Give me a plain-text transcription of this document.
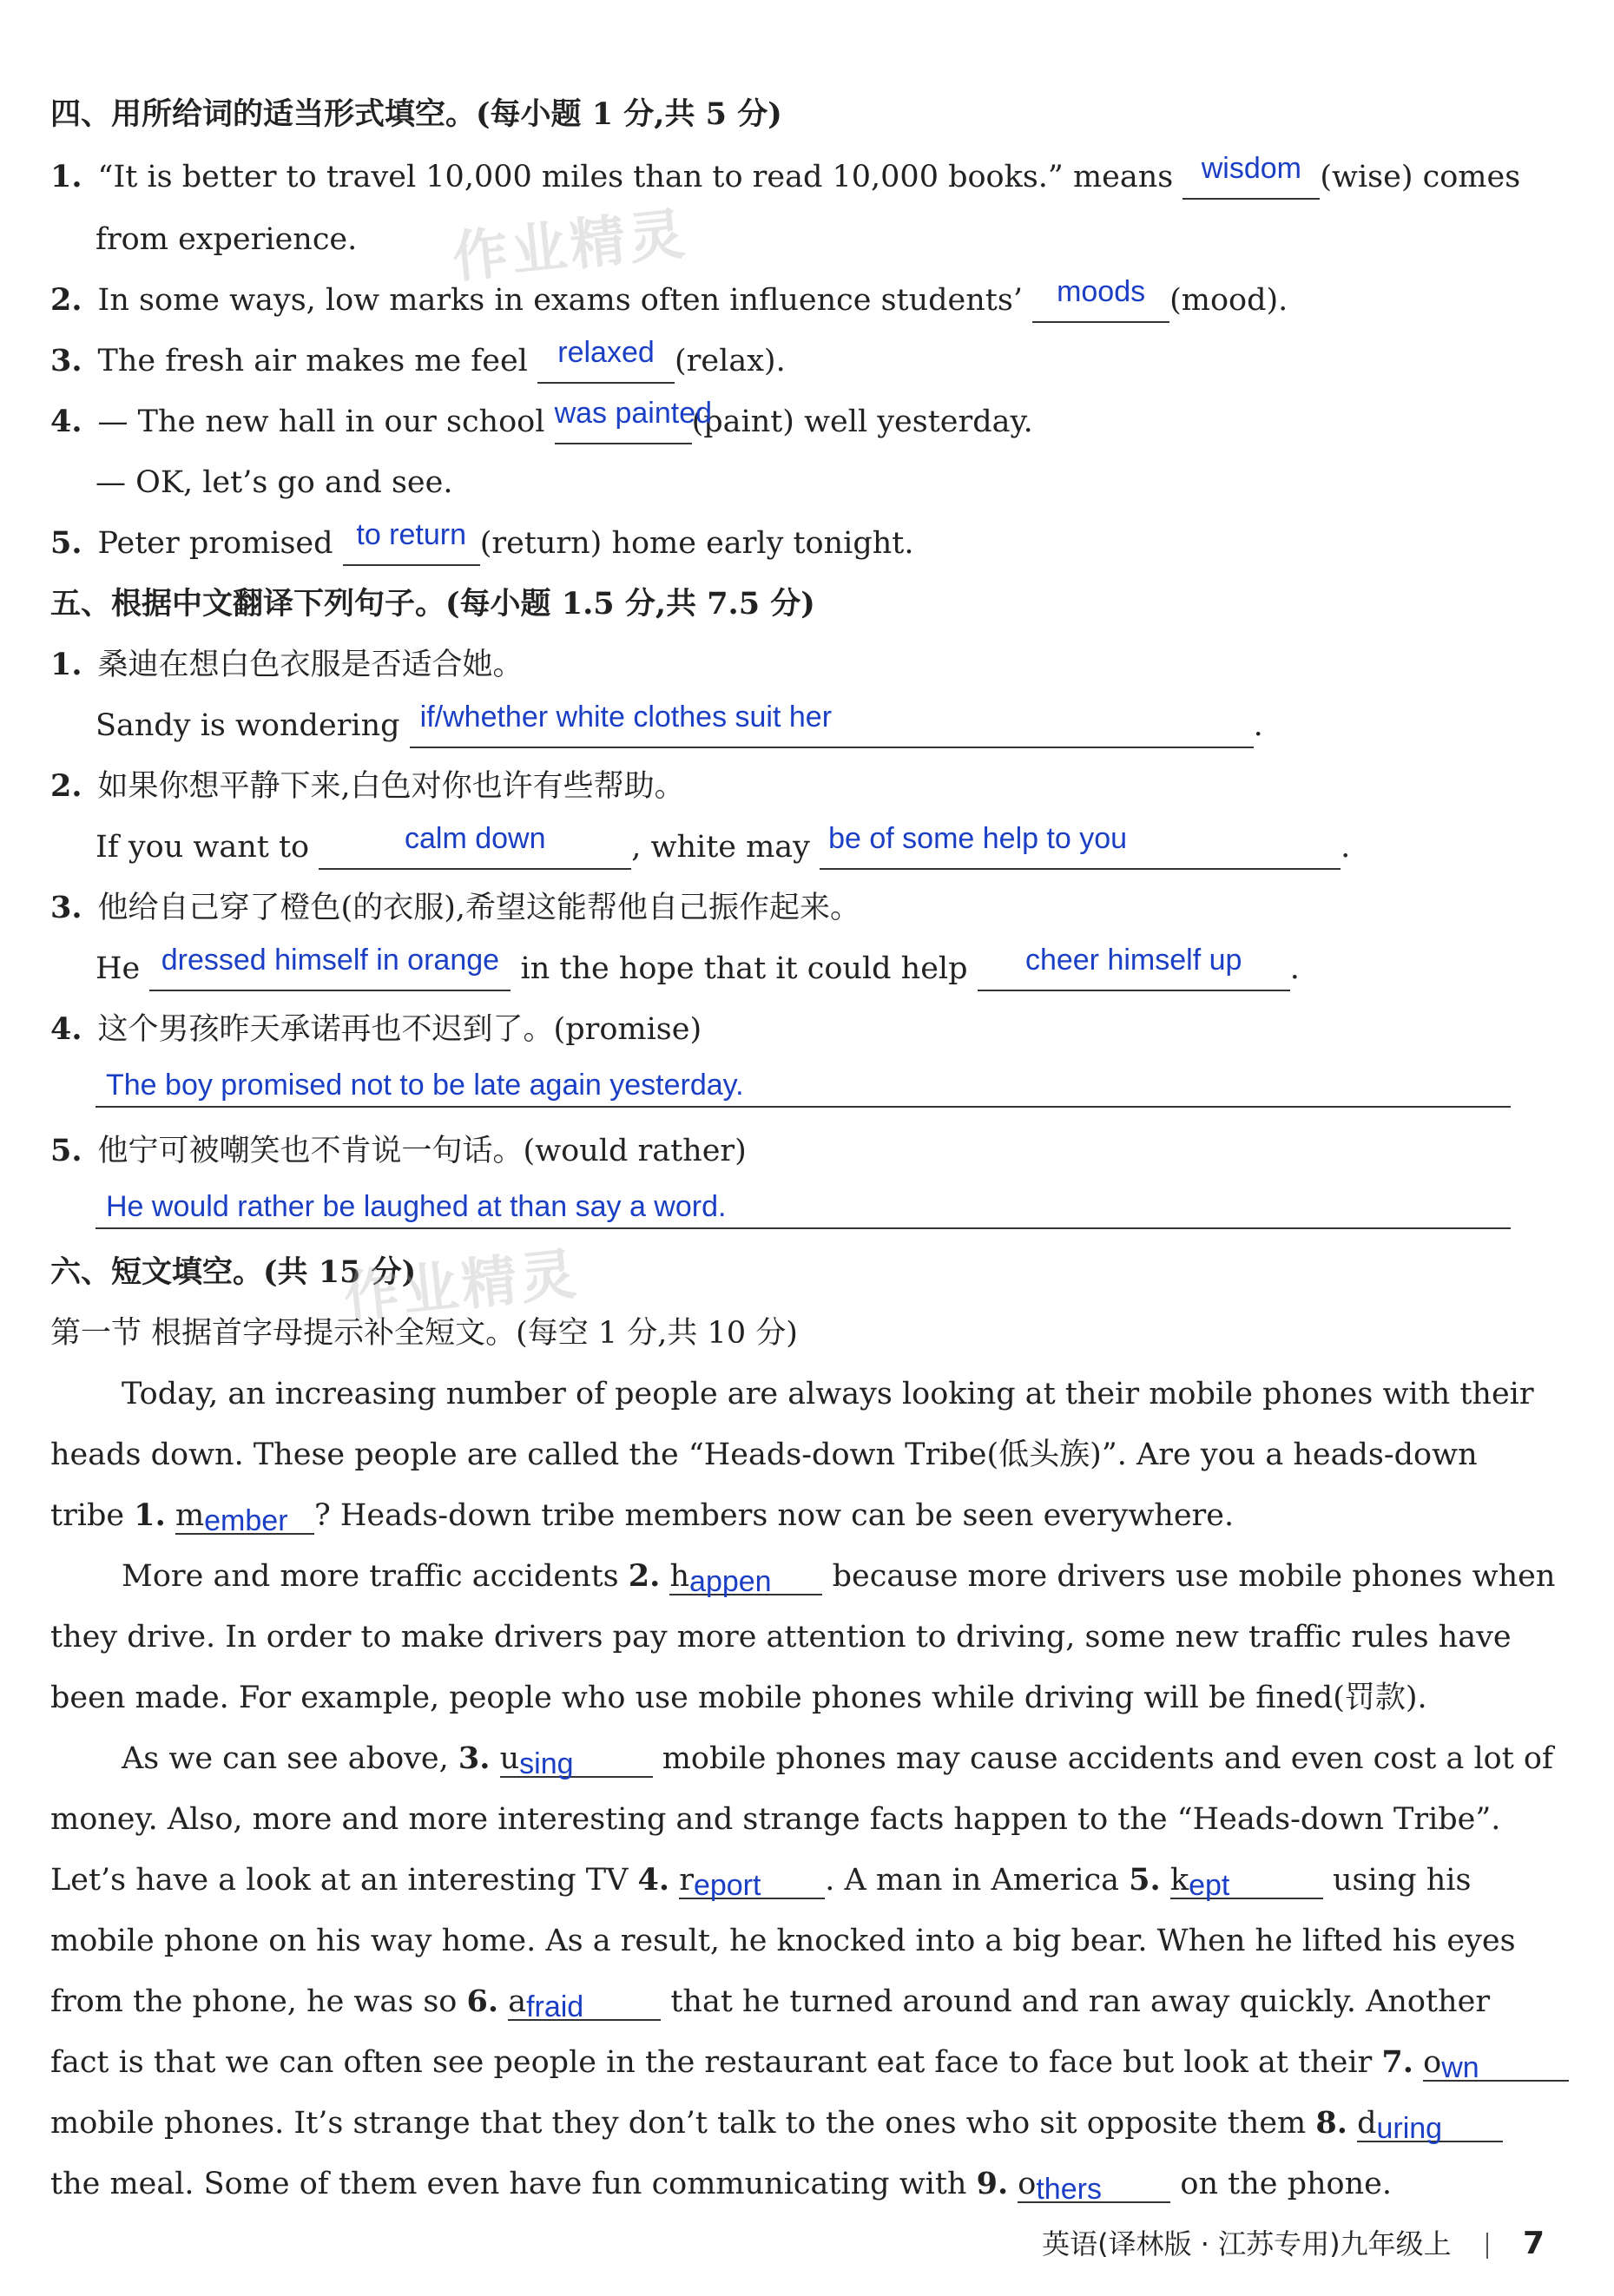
四、用所给词的适当形式填空。(每小题 1 分,共 5 分)
1. “It is better to travel 10,000 miles than to read 10,000 books.” means wisdom (wise) comes
from experience.
2. In some ways, low marks in exams often influence students’ moods (mood).
3. The fresh air makes me feel relaxed (relax).
4. — The new hall in our school was painted(paint) well yesterday.
— OK, let’s go and see.
5. Peter promised to return (return) home early tonight.
五、根据中文翻译下列句子。(每小题 1.5 分,共 7.5 分)
1. 桑迪在想白色衣服是否适合她。
Sandy is wondering if/whether white clothes suit her	.
2. 如果你想平静下来,白色对你也许有些帮助。
If you want to	calm down	, white may be of some help to you	.
3. 他给自己穿了橙色(的衣服),希望这能帮他自己振作起来。
He dressed himself in orange in the hope that it could help cheer himself up .
4. 这个男孩昨天承诺再也不迟到了。(promise)
The boy promised not to be late again yesterday.
5. 他宁可被嘲笑也不肯说一句话。(would rather)
He would rather be laughed at than say a word.
六、短文填空。(共 15 分)
作业精灵
作业精灵
第一节 根据首字母提示补全短文。(每空 1 分,共 10 分)
Today, an increasing number of people are always looking at their mobile phones with their
heads down. These people are called the “Heads-down Tribe(低头族)”. Are you a heads-down
tribe 1. member ? Heads-down tribe members now can be seen everywhere.
More and more traffic accidents 2. happen because more drivers use mobile phones when
they drive. In order to make drivers pay more attention to driving, some new traffic rules have
been made. For example, people who use mobile phones while driving will be fined(罚款).
As we can see above, 3. using	mobile phones may cause accidents and even cost a lot of
money. Also, more and more interesting and strange facts happen to the “Heads-down Tribe”.
Let’s have a look at an interesting TV 4. report . A man in America 5. kept	using his
mobile phone on his way home. As a result, he knocked into a big bear. When he lifted his eyes
from the phone, he was so 6. afraid	that he turned around and ran away quickly. Another
fact is that we can often see people in the restaurant eat face to face but look at their 7. own
mobile phones. It’s strange that they don’t talk to the ones who sit opposite them 8. during
the meal. Some of them even have fun communicating with 9. others	on the phone.
英语(译林版 · 江苏专用)九年级上 7
